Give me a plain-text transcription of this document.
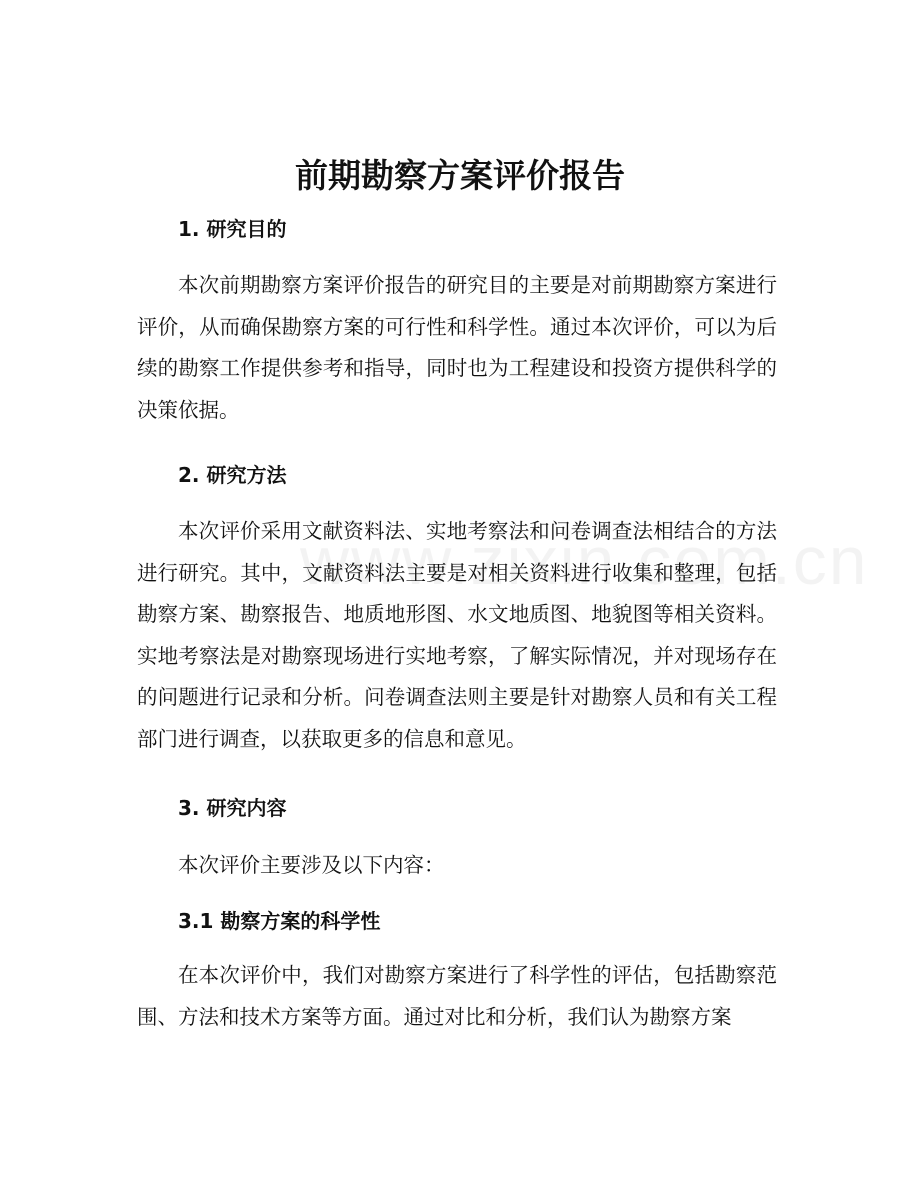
前期勘察方案评价报告
1. 研究目的

本次前期勘察方案评价报告的研究目的主要是对前期勘察方案进行评价，从而确保勘察方案的可行性和科学性。通过本次评价，可以为后续的勘察工作提供参考和指导，同时也为工程建设和投资方提供科学的决策依据。

2. 研究方法

本次评价采用文献资料法、实地考察法和问卷调查法相结合的方法进行研究。其中，文献资料法主要是对相关资料进行收集和整理，包括勘察方案、勘察报告、地质地形图、水文地质图、地貌图等相关资料。实地考察法是对勘察现场进行实地考察，了解实际情况，并对现场存在的问题进行记录和分析。问卷调查法则主要是针对勘察人员和有关工程部门进行调查，以获取更多的信息和意见。

3. 研究内容

本次评价主要涉及以下内容：

3.1 勘察方案的科学性

在本次评价中，我们对勘察方案进行了科学性的评估，包括勘察范围、方法和技术方案等方面。通过对比和分析，我们认为勘察方案
